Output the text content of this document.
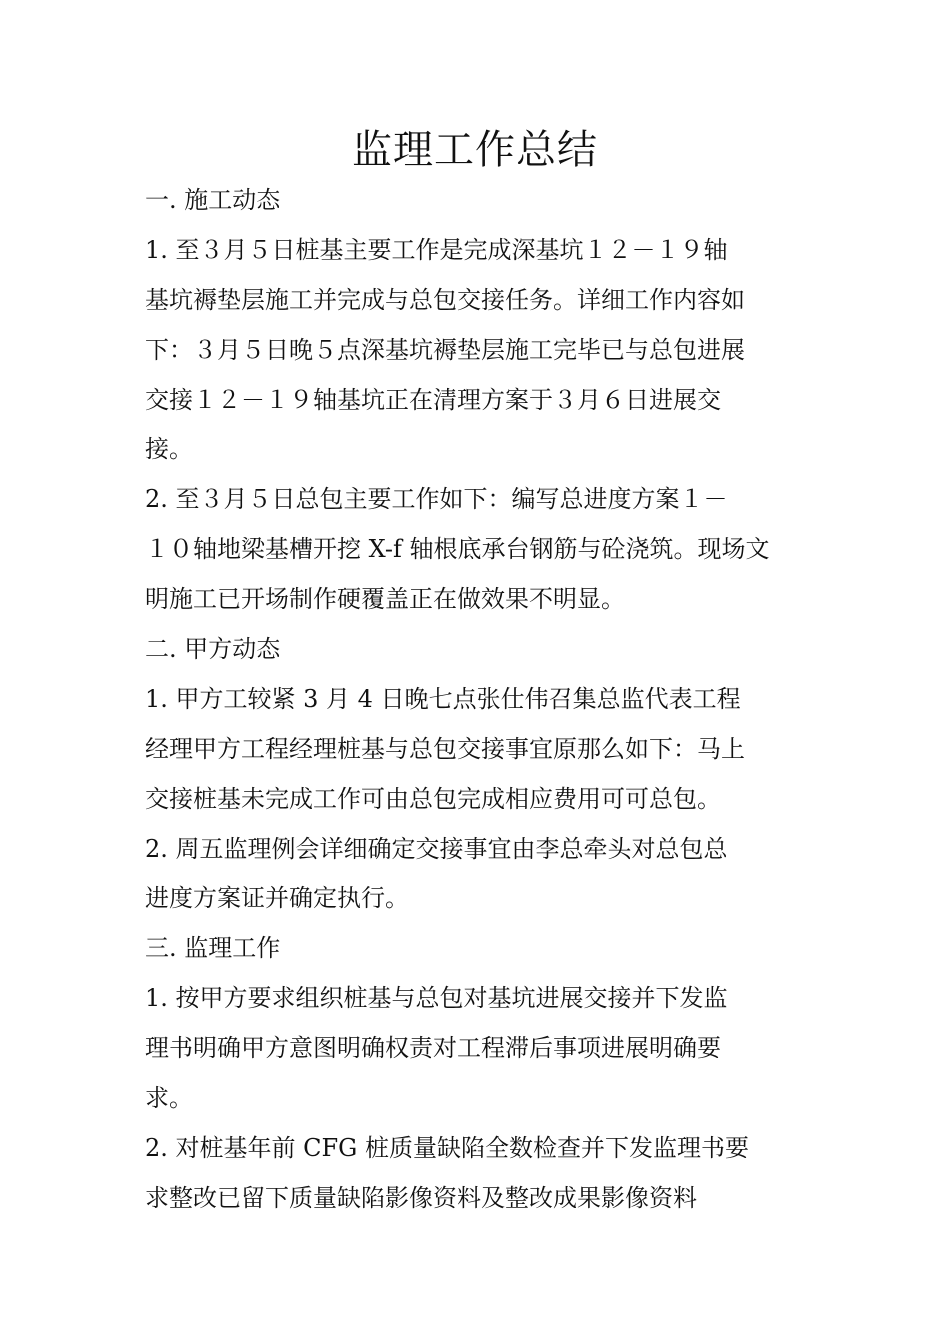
监理工作总结
一. 施工动态
1. 至３月５日桩基主要工作是完成深基坑１２－１９轴
基坑褥垫层施工并完成与总包交接任务。详细工作内容如
下：３月５日晚５点深基坑褥垫层施工完毕已与总包进展
交接１２－１９轴基坑正在清理方案于３月６日进展交
接。
2. 至３月５日总包主要工作如下：编写总进度方案１－
１０轴地梁基槽开挖 X-f 轴根底承台钢筋与砼浇筑。现场文
明施工已开场制作硬覆盖正在做效果不明显。
二. 甲方动态
1. 甲方工较紧 3 月 4 日晚七点张仕伟召集总监代表工程
经理甲方工程经理桩基与总包交接事宜原那么如下：马上
交接桩基未完成工作可由总包完成相应费用可可总包。
2. 周五监理例会详细确定交接事宜由李总牵头对总包总
进度方案证并确定执行。
三. 监理工作
1. 按甲方要求组织桩基与总包对基坑进展交接并下发监
理书明确甲方意图明确权责对工程滞后事项进展明确要
求。
2. 对桩基年前 CFG 桩质量缺陷全数检查并下发监理书要
求整改已留下质量缺陷影像资料及整改成果影像资料
